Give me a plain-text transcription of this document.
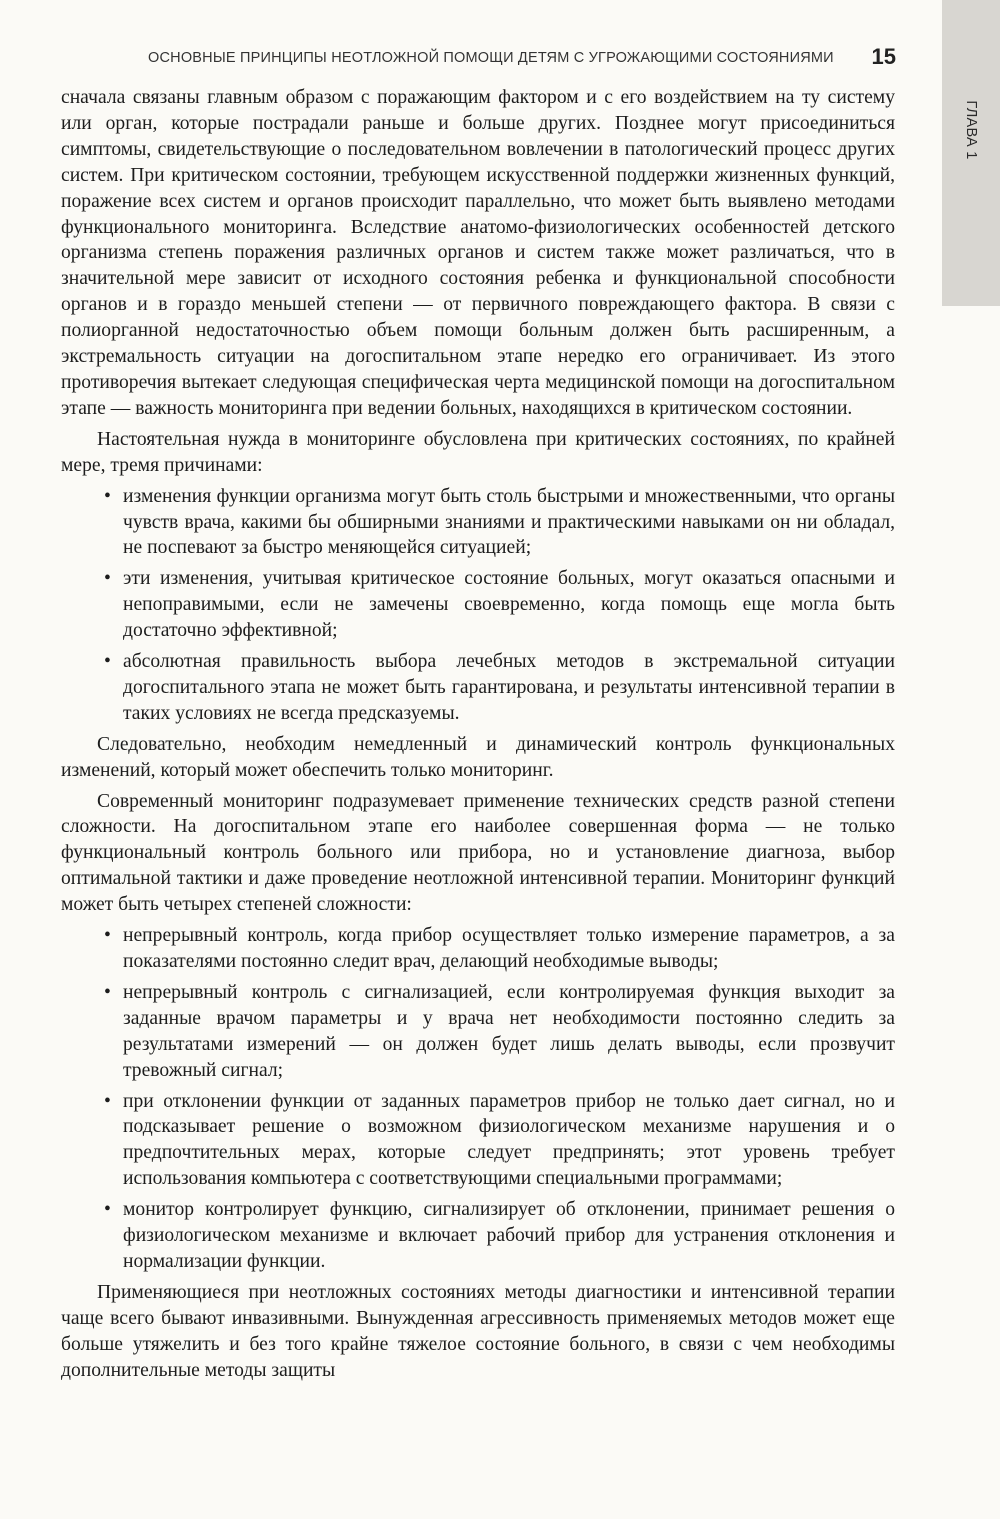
ГЛАВА 1
ОСНОВНЫЕ ПРИНЦИПЫ НЕОТЛОЖНОЙ ПОМОЩИ ДЕТЯМ С УГРОЖАЮЩИМИ СОСТОЯНИЯМИ 15

сначала связаны главным образом с поражающим фактором и с его воздействием на ту систему или орган, которые пострадали раньше и больше других. Позднее могут присоединиться симптомы, свидетельствующие о последовательном вовлечении в патологический процесс других систем. При критическом состоянии, требующем искусственной поддержки жизненных функций, поражение всех систем и органов происходит параллельно, что может быть выявлено методами функционального мониторинга. Вследствие анатомо-физиологических особенностей детского организма степень поражения различных органов и систем также может различаться, что в значительной мере зависит от исходного состояния ребенка и функциональной способности органов и в гораздо меньшей степени — от первичного повреждающего фактора. В связи с полиорганной недостаточностью объем помощи больным должен быть расширенным, а экстремальность ситуации на догоспитальном этапе нередко его ограничивает. Из этого противоречия вытекает следующая специфическая черта медицинской помощи на догоспитальном этапе — важность мониторинга при ведении больных, находящихся в критическом состоянии.

Настоятельная нужда в мониторинге обусловлена при критических состояниях, по крайней мере, тремя причинами:

• изменения функции организма могут быть столь быстрыми и множественными, что органы чувств врача, какими бы обширными знаниями и практическими навыками он ни обладал, не поспевают за быстро меняющейся ситуацией;
• эти изменения, учитывая критическое состояние больных, могут оказаться опасными и непоправимыми, если не замечены своевременно, когда помощь еще могла быть достаточно эффективной;
• абсолютная правильность выбора лечебных методов в экстремальной ситуации догоспитального этапа не может быть гарантирована, и результаты интенсивной терапии в таких условиях не всегда предсказуемы.

Следовательно, необходим немедленный и динамический контроль функциональных изменений, который может обеспечить только мониторинг.

Современный мониторинг подразумевает применение технических средств разной степени сложности. На догоспитальном этапе его наиболее совершенная форма — не только функциональный контроль больного или прибора, но и установление диагноза, выбор оптимальной тактики и даже проведение неотложной интенсивной терапии. Мониторинг функций может быть четырех степеней сложности:

• непрерывный контроль, когда прибор осуществляет только измерение параметров, а за показателями постоянно следит врач, делающий необходимые выводы;
• непрерывный контроль с сигнализацией, если контролируемая функция выходит за заданные врачом параметры и у врача нет необходимости постоянно следить за результатами измерений — он должен будет лишь делать выводы, если прозвучит тревожный сигнал;
• при отклонении функции от заданных параметров прибор не только дает сигнал, но и подсказывает решение о возможном физиологическом механизме нарушения и о предпочтительных мерах, которые следует предпринять; этот уровень требует использования компьютера с соответствующими специальными программами;
• монитор контролирует функцию, сигнализирует об отклонении, принимает решения о физиологическом механизме и включает рабочий прибор для устранения отклонения и нормализации функции.

Применяющиеся при неотложных состояниях методы диагностики и интенсивной терапии чаще всего бывают инвазивными. Вынужденная агрессивность применяемых методов может еще больше утяжелить и без того крайне тяжелое состояние больного, в связи с чем необходимы дополнительные методы защиты
